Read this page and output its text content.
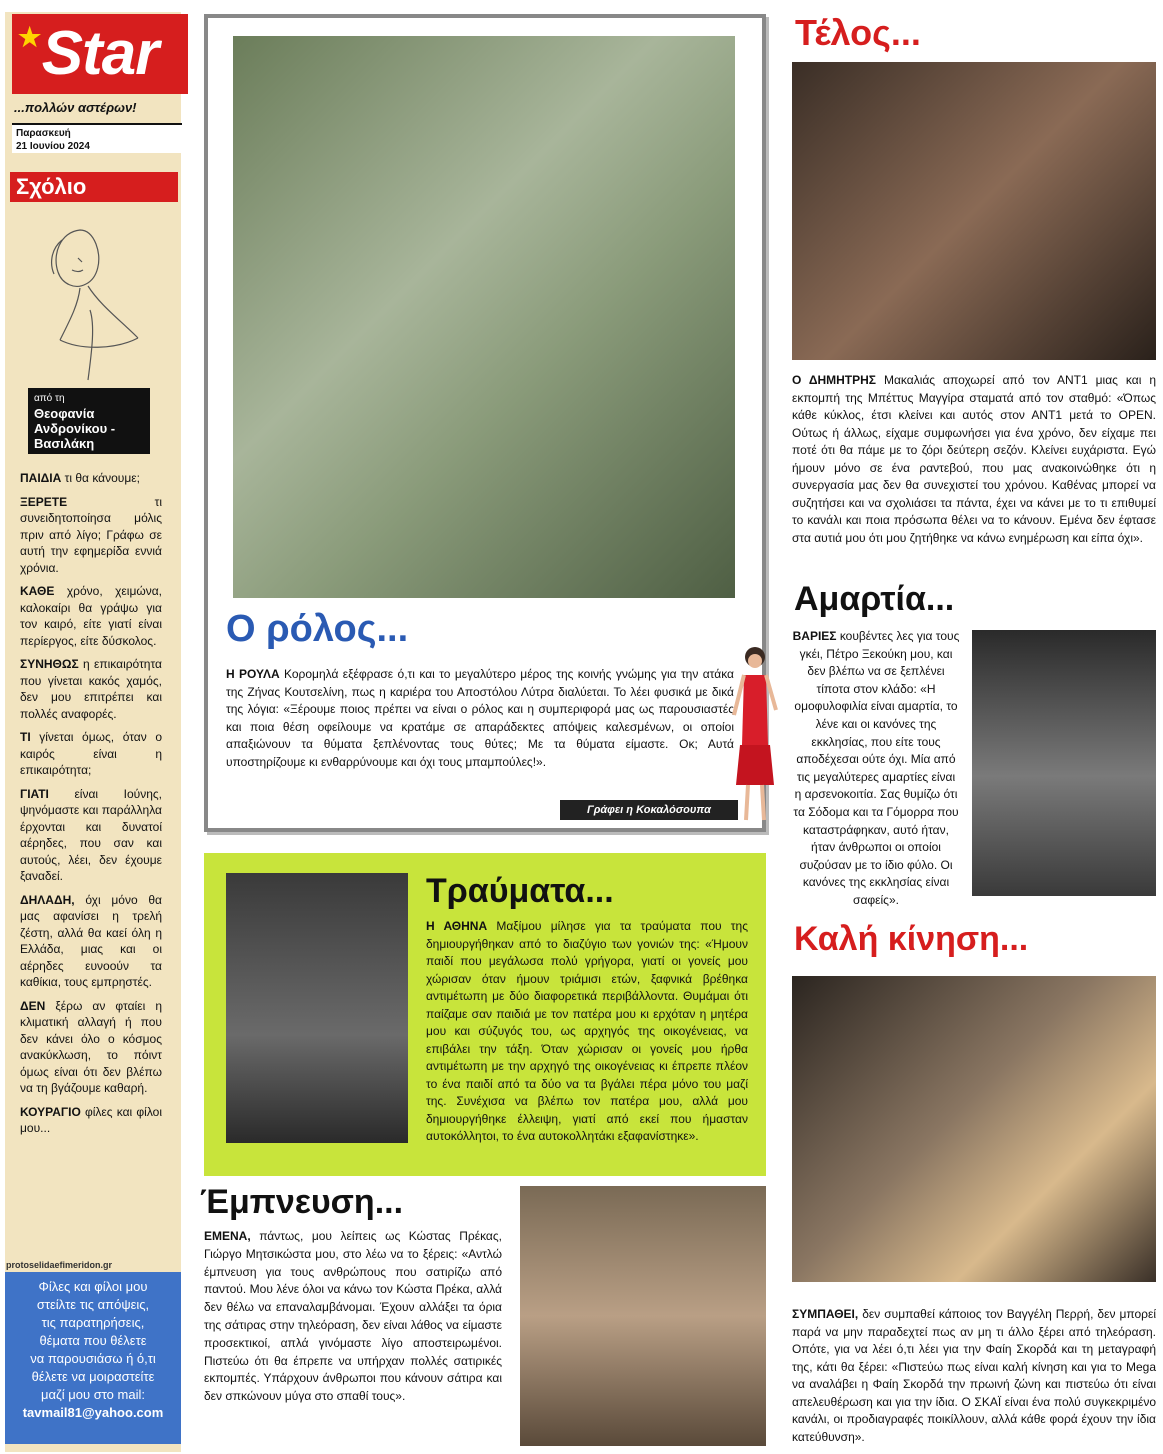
★ Star
...πολλών αστέρων!
Παρασκευή
21 Ιουνίου 2024
Σχόλιο
από τη
Θεοφανία Ανδρονίκου - Βασιλάκη

ΠΑΙΔΙΑ τι θα κάνουμε;

ΞΕΡΕΤΕ τι συνειδητοποίησα μόλις πριν από λίγο; Γράφω σε αυτή την εφημερίδα εννιά χρόνια.

ΚΑΘΕ χρόνο, χειμώνα, καλοκαίρι θα γράψω για τον καιρό, είτε γιατί είναι περίεργος, είτε δύσκολος.

ΣΥΝΗΘΩΣ η επικαιρότητα που γίνεται κακός χαμός, δεν μου επιτρέπει και πολλές αναφορές.

ΤΙ γίνεται όμως, όταν ο καιρός είναι η επικαιρότητα;

ΓΙΑΤΙ είναι Ιούνης, ψηνόμαστε και παράλληλα έρχονται και δυνατοί αέρηδες, που σαν και αυτούς, λέει, δεν έχουμε ξαναδεί.

ΔΗΛΑΔΗ, όχι μόνο θα μας αφανίσει η τρελή ζέστη, αλλά θα καεί όλη η Ελλάδα, μιας και οι αέρηδες ευνοούν τα καθίκια, τους εμπρηστές.

ΔΕΝ ξέρω αν φταίει η κλιματική αλλαγή ή που δεν κάνει όλο ο κόσμος ανακύκλωση, το πόιντ όμως είναι ότι δεν βλέπω να τη βγάζουμε καθαρή.

ΚΟΥΡΑΓΙΟ φίλες και φίλοι μου...

protoselidaefimeridon.gr
Φίλες και φίλοι μου
στείλτε τις απόψεις,
τις παρατηρήσεις,
θέματα που θέλετε
να παρουσιάσω ή ό,τι
θέλετε να μοιραστείτε
μαζί μου στο mail:
tavmail81@yahoo.com
Ο ρόλος...
Η ΡΟΥΛΑ Κορομηλά εξέφρασε ό,τι και το μεγαλύτερο μέρος της κοινής γνώμης για την ατάκα της Ζήνας Κουτσελίνη, πως η καριέρα του Αποστόλου Λύτρα διαλύεται. Το λέει φυσικά με δικά της λόγια: «Ξέρουμε ποιος πρέπει να είναι ο ρόλος και η συμπεριφορά μας ως παρουσιαστές και ποια θέση οφείλουμε να κρατάμε σε απαράδεκτες απόψεις καλεσμένων, οι οποίοι απαξιώνουν τα θύματα ξεπλένοντας τους θύτες; Με τα θύματα είμαστε. Οκ; Αυτά υποστηρίζουμε κι ενθαρρύνουμε και όχι τους μπαμπούλες!».
Γράφει η Κοκαλόσουπα
Τραύματα...
Η ΑΘΗΝΑ Μαξίμου μίλησε για τα τραύματα που της δημιουργήθηκαν από το διαζύγιο των γονιών της: «Ήμουν παιδί που μεγάλωσα πολύ γρήγορα, γιατί οι γονείς μου χώρισαν όταν ήμουν τριάμισι ετών, ξαφνικά βρέθηκα αντιμέτωπη με δύο διαφορετικά περιβάλλοντα. Θυμάμαι ότι παίζαμε σαν παιδιά με τον πατέρα μου κι ερχόταν η μητέρα μου και σύζυγός του, ως αρχηγός της οικογένειας, να επιβάλει την τάξη. Όταν χώρισαν οι γονείς μου ήρθα αντιμέτωπη με την αρχηγό της οικογένειας κι έπρεπε πλέον το ένα παιδί από τα δύο να τα βγάλει πέρα μόνο του μαζί της. Συνέχισα να βλέπω τον πατέρα μου, αλλά μου δημιουργήθηκε έλλειψη, γιατί από εκεί που ήμασταν αυτοκόλλητοι, το ένα αυτοκολλητάκι εξαφανίστηκε».
Έμπνευση...
ΕΜΕΝΑ, πάντως, μου λείπεις ως Κώστας Πρέκας, Γιώργο Μητσικώστα μου, στο λέω να το ξέρεις: «Αντλώ έμπνευση για τους ανθρώπους που σατιρίζω από παντού. Μου λένε όλοι να κάνω τον Κώστα Πρέκα, αλλά δεν θέλω να επαναλαμβάνομαι. Έχουν αλλάξει τα όρια της σάτιρας στην τηλεόραση, δεν είναι λάθος να είμαστε προσεκτικοί, απλά γινόμαστε λίγο αποστειρωμένοι. Πιστεύω ότι θα έπρεπε να υπήρχαν πολλές σατιρικές εκπομπές. Υπάρχουν άνθρωποι που κάνουν σάτιρα και δεν σπκώνουν μύγα στο σπαθί τους».
Τέλος...
Ο ΔΗΜΗΤΡΗΣ Μακαλιάς αποχωρεί από τον ΑΝΤ1 μιας και η εκπομπή της Μπέττυς Μαγγίρα σταματά από τον σταθμό: «Όπως κάθε κύκλος, έτσι κλείνει και αυτός στον ΑΝΤ1 μετά το OPEN. Ούτως ή άλλως, είχαμε συμφωνήσει για ένα χρόνο, δεν είχαμε πει ποτέ ότι θα πάμε με το ζόρι δεύτερη σεζόν. Κλείνει ευχάριστα. Εγώ ήμουν μόνο σε ένα ραντεβού, που μας ανακοινώθηκε ότι η συνεργασία μας δεν θα συνεχιστεί του χρόνου. Καθένας μπορεί να συζητήσει και να σχολιάσει τα πάντα, έχει να κάνει με το τι επιθυμεί το κανάλι και ποια πρόσωπα θέλει να το κάνουν. Εμένα δεν έφτασε στα αυτιά μου ότι μου ζητήθηκε να κάνω ενημέρωση και είπα όχι».
Αμαρτία...
ΒΑΡΙΕΣ κουβέντες λες για τους γκέι, Πέτρο Ξεκούκη μου, και δεν βλέπω να σε ξεπλένει τίποτα στον κλάδο: «Η ομοφυλοφιλία είναι αμαρτία, το λένε και οι κανόνες της εκκλησίας, που είτε τους αποδέχεσαι ούτε όχι. Μία από τις μεγαλύτερες αμαρτίες είναι η αρσενοκοιτία. Σας θυμίζω ότι τα Σόδομα και τα Γόμορρα που καταστράφηκαν, αυτό ήταν, ήταν άνθρωποι οι οποίοι συζούσαν με το ίδιο φύλο. Οι κανόνες της εκκλησίας είναι σαφείς».
Καλή κίνηση...
ΣΥΜΠΑΘΕΙ, δεν συμπαθεί κάποιος τον Βαγγέλη Περρή, δεν μπορεί παρά να μην παραδεχτεί πως αν μη τι άλλο ξέρει από τηλεόραση. Οπότε, για να λέει ό,τι λέει για την Φαίη Σκορδά και τη μεταγραφή της, κάτι θα ξέρει: «Πιστεύω πως είναι καλή κίνηση και για το Mega να αναλάβει η Φαίη Σκορδά την πρωινή ζώνη και πιστεύω ότι είναι απελευθέρωση και για την ίδια. Ο ΣΚΑΪ είναι ένα πολύ συγκεκριμένο κανάλι, οι προδιαγραφές ποικίλλουν, αλλά κάθε φορά έχουν την ίδια κατεύθυνση».
